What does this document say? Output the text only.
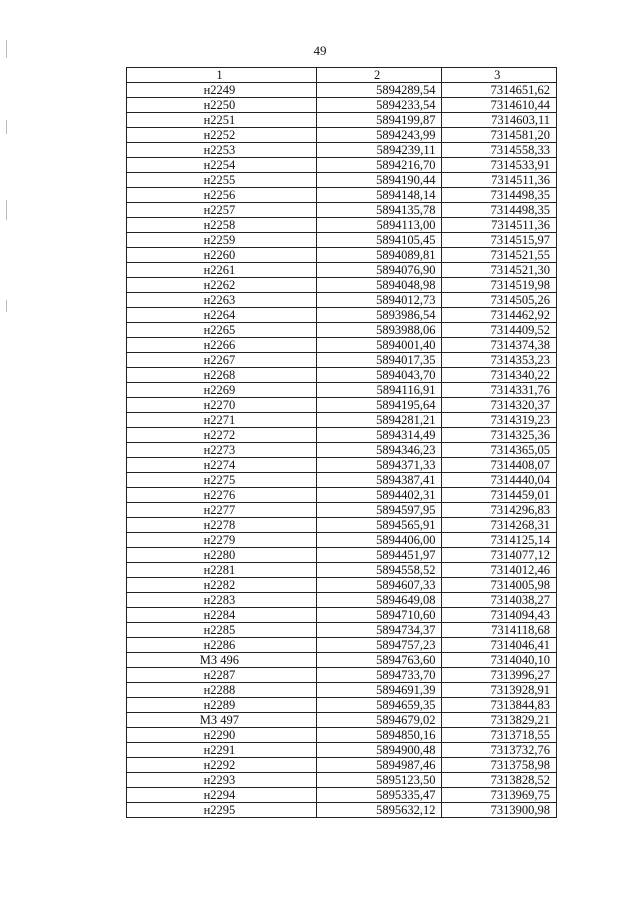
49
1	2	3
н2249	5894289,54	7314651,62
н2250	5894233,54	7314610,44
н2251	5894199,87	7314603,11
н2252	5894243,99	7314581,20
н2253	5894239,11	7314558,33
н2254	5894216,70	7314533,91
н2255	5894190,44	7314511,36
н2256	5894148,14	7314498,35
н2257	5894135,78	7314498,35
н2258	5894113,00	7314511,36
н2259	5894105,45	7314515,97
н2260	5894089,81	7314521,55
н2261	5894076,90	7314521,30
н2262	5894048,98	7314519,98
н2263	5894012,73	7314505,26
н2264	5893986,54	7314462,92
н2265	5893988,06	7314409,52
н2266	5894001,40	7314374,38
н2267	5894017,35	7314353,23
н2268	5894043,70	7314340,22
н2269	5894116,91	7314331,76
н2270	5894195,64	7314320,37
н2271	5894281,21	7314319,23
н2272	5894314,49	7314325,36
н2273	5894346,23	7314365,05
н2274	5894371,33	7314408,07
н2275	5894387,41	7314440,04
н2276	5894402,31	7314459,01
н2277	5894597,95	7314296,83
н2278	5894565,91	7314268,31
н2279	5894406,00	7314125,14
н2280	5894451,97	7314077,12
н2281	5894558,52	7314012,46
н2282	5894607,33	7314005,98
н2283	5894649,08	7314038,27
н2284	5894710,60	7314094,43
н2285	5894734,37	7314118,68
н2286	5894757,23	7314046,41
МЗ 496	5894763,60	7314040,10
н2287	5894733,70	7313996,27
н2288	5894691,39	7313928,91
н2289	5894659,35	7313844,83
МЗ 497	5894679,02	7313829,21
н2290	5894850,16	7313718,55
н2291	5894900,48	7313732,76
н2292	5894987,46	7313758,98
н2293	5895123,50	7313828,52
н2294	5895335,47	7313969,75
н2295	5895632,12	7313900,98
